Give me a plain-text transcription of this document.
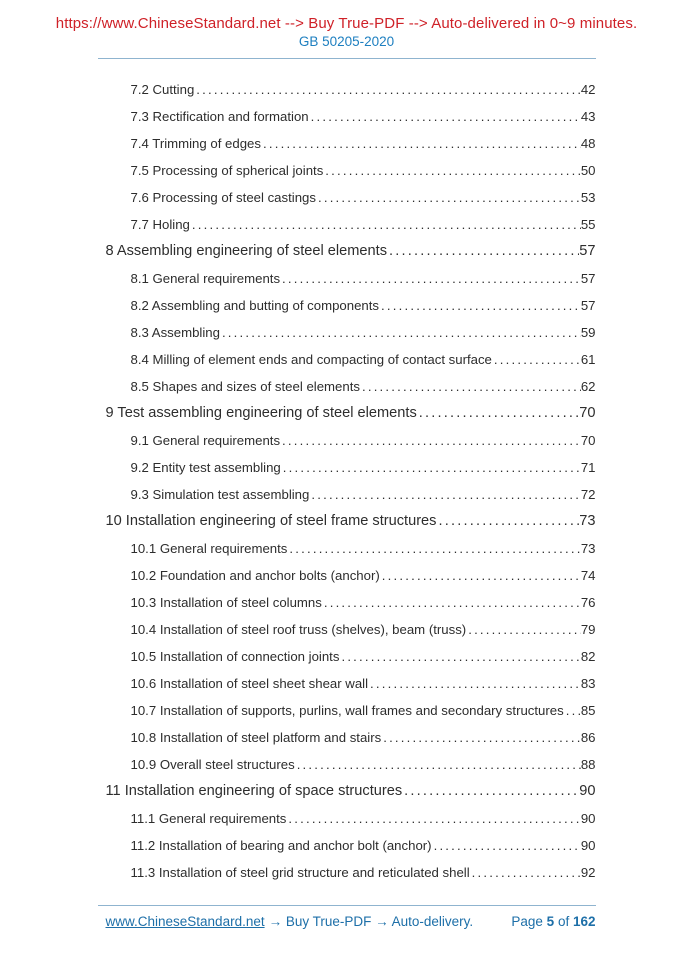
https://www.ChineseStandard.net --> Buy True-PDF --> Auto-delivered in 0~9 minutes.
GB 50205-2020
7.2 Cutting .....	42
7.3 Rectification and formation .....	43
7.4 Trimming of edges .....	48
7.5 Processing of spherical joints .....	50
7.6 Processing of steel castings .....	53
7.7 Holing .....	55
8 Assembling engineering of steel elements .....	57
8.1 General requirements .....	57
8.2 Assembling and butting of components .....	57
8.3 Assembling .....	59
8.4 Milling of element ends and compacting of contact surface .....	61
8.5 Shapes and sizes of steel elements .....	62
9 Test assembling engineering of steel elements .....	70
9.1 General requirements .....	70
9.2 Entity test assembling .....	71
9.3 Simulation test assembling .....	72
10 Installation engineering of steel frame structures .....	73
10.1 General requirements .....	73
10.2 Foundation and anchor bolts (anchor) .....	74
10.3 Installation of steel columns .....	76
10.4 Installation of steel roof truss (shelves), beam (truss) .....	79
10.5 Installation of connection joints .....	82
10.6 Installation of steel sheet shear wall .....	83
10.7 Installation of supports, purlins, wall frames and secondary structures ..... 85
10.8 Installation of steel platform and stairs .....	86
10.9 Overall steel structures .....	88
11 Installation engineering of space structures .....	90
11.1 General requirements .....	90
11.2 Installation of bearing and anchor bolt (anchor) .....	90
11.3 Installation of steel grid structure and reticulated shell .....	92
www.ChineseStandard.net → Buy True-PDF → Auto-delivery.	Page 5 of 162
